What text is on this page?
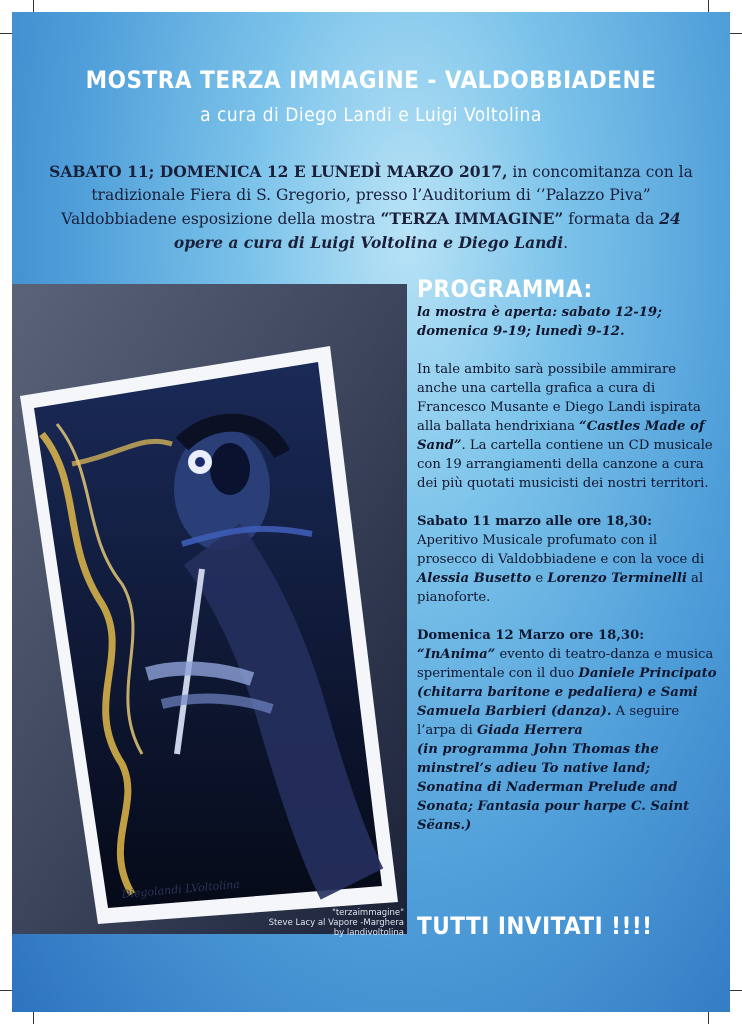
MOSTRA TERZA IMMAGINE - VALDOBBIADENE
a cura di Diego Landi e Luigi Voltolina
SABATO 11; DOMENICA 12 E LUNEDÌ MARZO 2017, in concomitanza con la tradizionale Fiera di S. Gregorio, presso l’Auditorium di ‘’Palazzo Piva” Valdobbiadene esposizione della mostra “TERZA IMMAGINE” formata da 24 opere a cura di Luigi Voltolina e Diego Landi.
Diegolandi LVoltolina
"terzaimmagine"
Steve Lacy al Vapore -Marghera
by landivoltolina
PROGRAMMA:

la mostra è aperta: sabato 12-19; domenica 9-19; lunedì 9-12.

In tale ambito sarà possibile ammirare anche una cartella grafica a cura di Francesco Musante e Diego Landi ispirata alla ballata hendrixiana “Castles Made of Sand”. La cartella contiene un CD musicale con 19 arrangiamenti della canzone a cura dei più quotati musicisti dei nostri territori.

Sabato 11 marzo alle ore 18,30: Aperitivo Musicale profumato con il prosecco di Valdobbiadene e con la voce di Alessia Busetto e Lorenzo Terminelli al pianoforte.

Domenica 12 Marzo ore 18,30:
“InAnima” evento di teatro-danza e musica sperimentale con il duo Daniele Principato (chitarra baritone e pedaliera) e Sami Samuela Barbieri (danza). A seguire l’arpa di Giada Herrera
(in programma John Thomas the minstrel’s adieu To native land; Sonatina di Naderman Prelude and Sonata; Fantasia pour harpe C. Saint Sëans.)

TUTTI INVITATI !!!!
